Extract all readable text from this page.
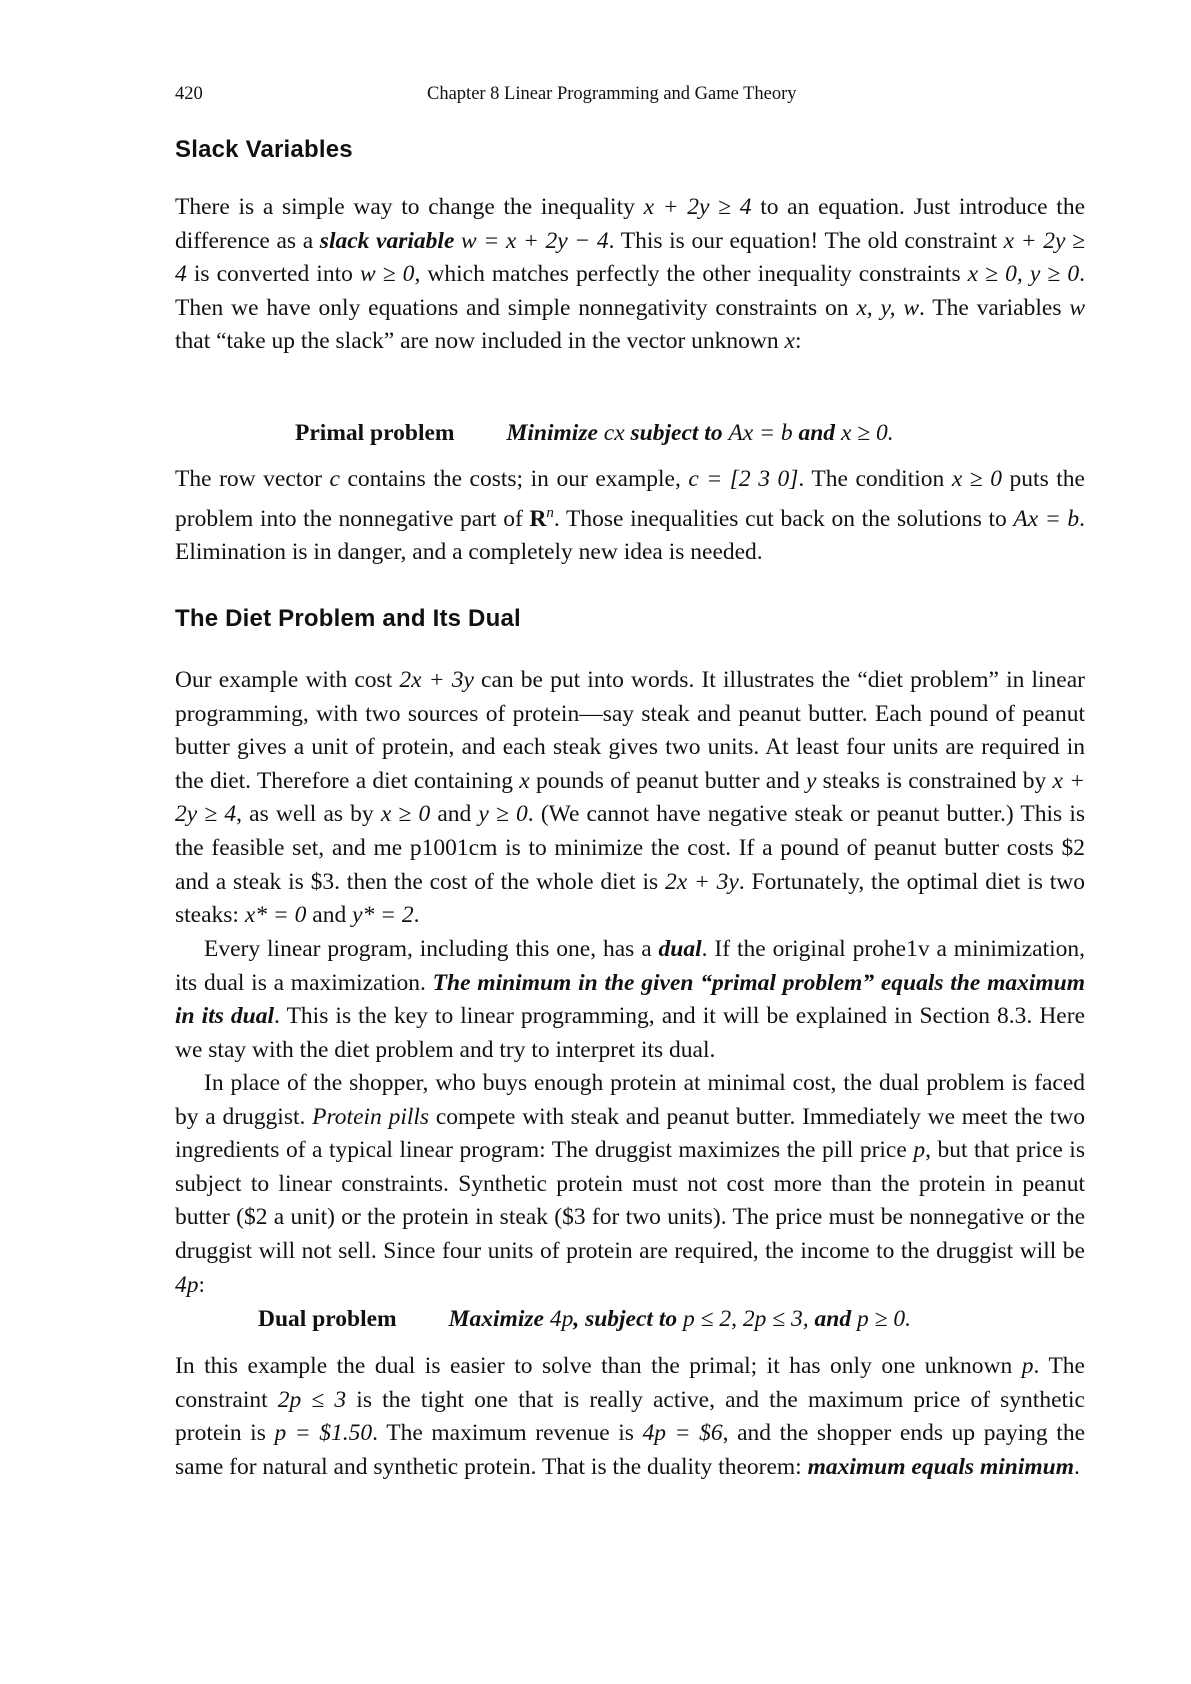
420	Chapter 8 Linear Programming and Game Theory
Slack Variables

There is a simple way to change the inequality x + 2y ≥ 4 to an equation. Just introduce the difference as a slack variable w = x + 2y − 4. This is our equation! The old constraint x + 2y ≥ 4 is converted into w ≥ 0, which matches perfectly the other inequality constraints x ≥ 0, y ≥ 0. Then we have only equations and simple nonnegativity constraints on x, y, w. The variables w that “take up the slack” are now included in the vector unknown x:

Primal problem Minimize cx subject to Ax = b and x ≥ 0.

The row vector c contains the costs; in our example, c = [2 3 0]. The condition x ≥ 0 puts the problem into the nonnegative part of $R^n$. Those inequalities cut back on the solutions to Ax = b. Elimination is in danger, and a completely new idea is needed.

The Diet Problem and Its Dual

Our example with cost 2x + 3y can be put into words. It illustrates the “diet problem” in linear programming, with two sources of protein—say steak and peanut butter. Each pound of peanut butter gives a unit of protein, and each steak gives two units. At least four units are required in the diet. Therefore a diet containing x pounds of peanut butter and y steaks is constrained by x + 2y ≥ 4, as well as by x ≥ 0 and y ≥ 0. (We cannot have negative steak or peanut butter.) This is the feasible set, and me p1001cm is to minimize the cost. If a pound of peanut butter costs $2 and a steak is $3. then the cost of the whole diet is 2x + 3y. Fortunately, the optimal diet is two steaks: x* = 0 and y* = 2.

Every linear program, including this one, has a dual. If the original prohe1v a minimization, its dual is a maximization. The minimum in the given “primal problem” equals the maximum in its dual. This is the key to linear programming, and it will be explained in Section 8.3. Here we stay with the diet problem and try to interpret its dual.

In place of the shopper, who buys enough protein at minimal cost, the dual problem is faced by a druggist. Protein pills compete with steak and peanut butter. Immediately we meet the two ingredients of a typical linear program: The druggist maximizes the pill price p, but that price is subject to linear constraints. Synthetic protein must not cost more than the protein in peanut butter ($2 a unit) or the protein in steak ($3 for two units). The price must be nonnegative or the druggist will not sell. Since four units of protein are required, the income to the druggist will be 4p:

Dual problem Maximize 4p, subject to p ≤ 2, 2p ≤ 3, and p ≥ 0.

In this example the dual is easier to solve than the primal; it has only one unknown p. The constraint 2p ≤ 3 is the tight one that is really active, and the maximum price of synthetic protein is p = $1.50. The maximum revenue is 4p = $6, and the shopper ends up paying the same for natural and synthetic protein. That is the duality theorem: maximum equals minimum.
